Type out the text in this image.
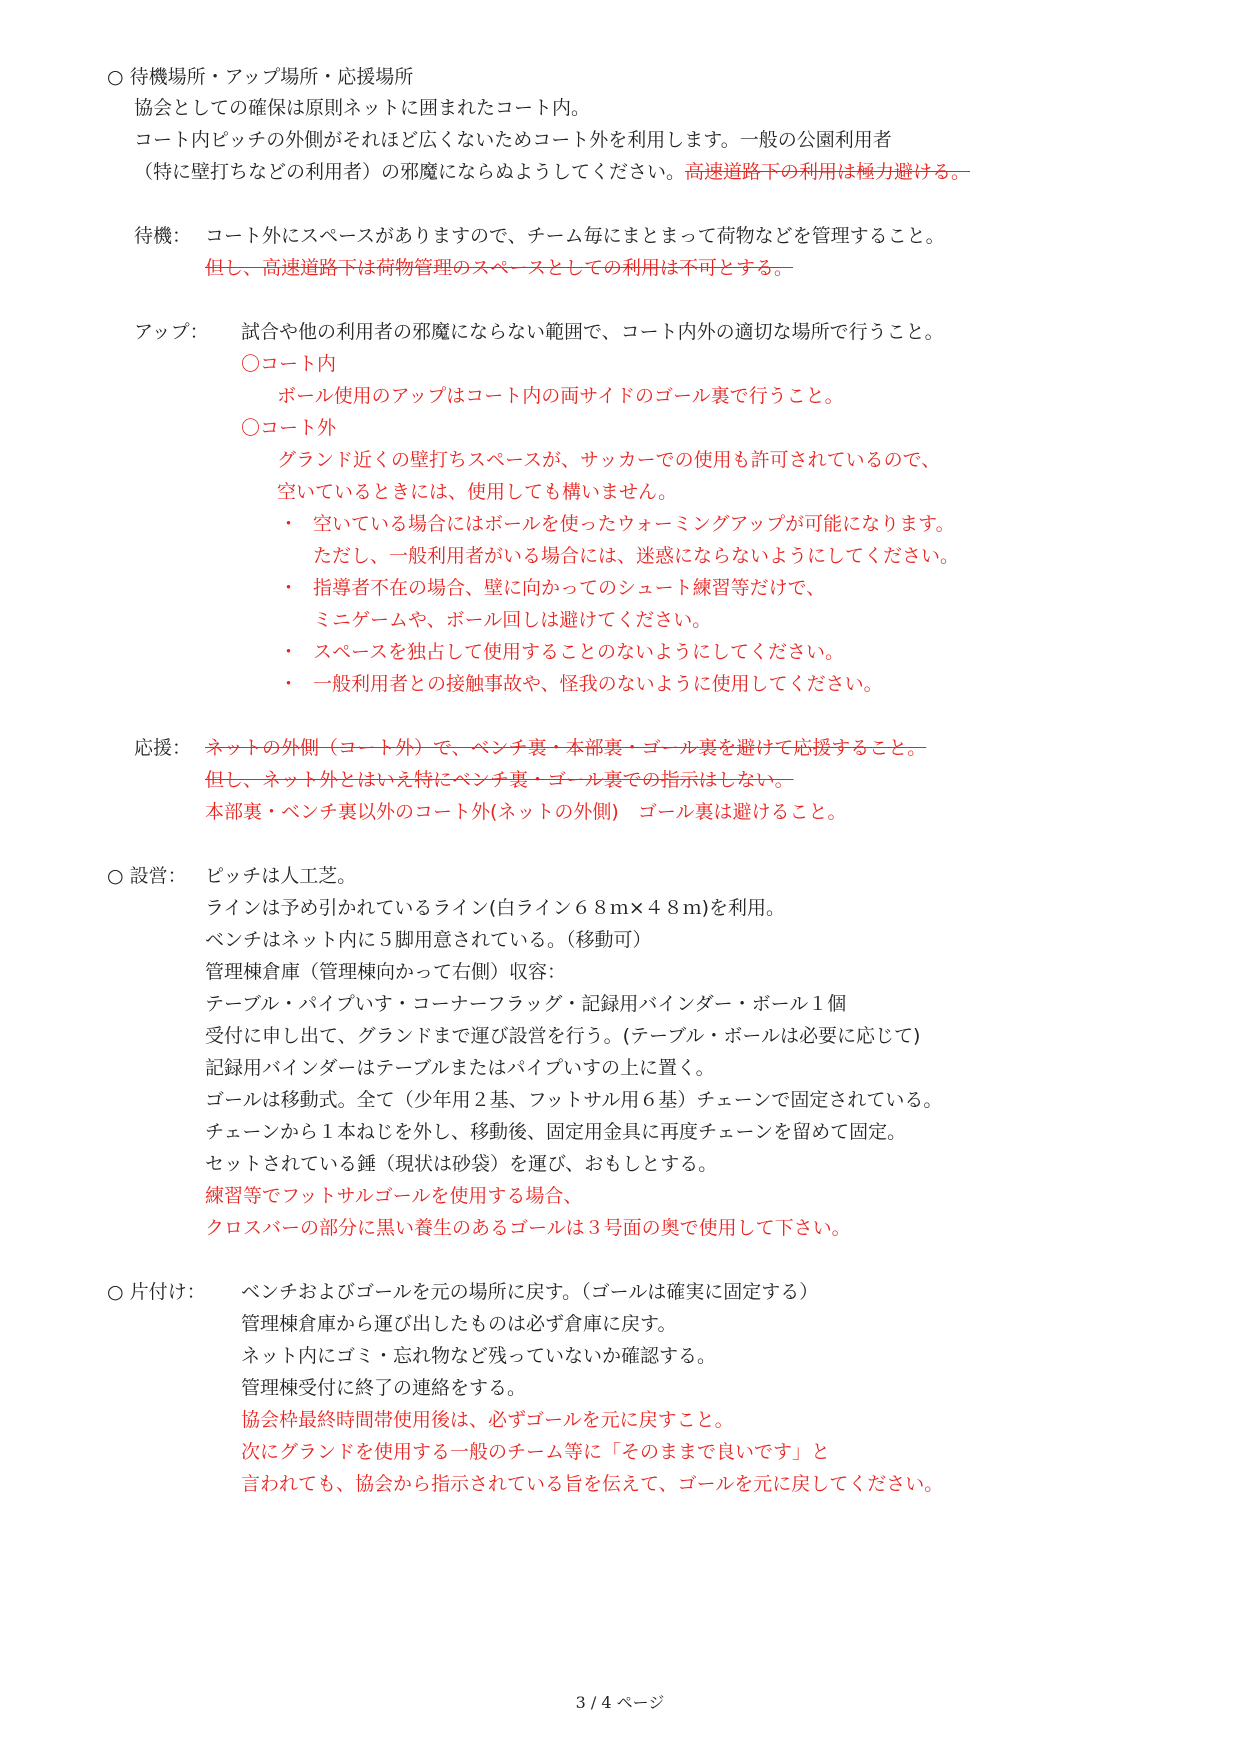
○ 待機場所・アップ場所・応援場所
協会としての確保は原則ネットに囲まれたコート内。
コート内ピッチの外側がそれほど広くないためコート外を利用します。一般の公園利用者
（特に壁打ちなどの利用者）の邪魔にならぬようしてください。高速道路下の利用は極力避ける。
待機： コート外にスペースがありますので、チーム毎にまとまって荷物などを管理すること。
但し、高速道路下は荷物管理のスペースとしての利用は不可とする。
アップ： 試合や他の利用者の邪魔にならない範囲で、コート内外の適切な場所で行うこと。
〇コート内
ボール使用のアップはコート内の両サイドのゴール裏で行うこと。
〇コート外
グランド近くの壁打ちスペースが、サッカーでの使用も許可されているので、
空いているときには、使用しても構いません。
・ 空いている場合にはボールを使ったウォーミングアップが可能になります。
ただし、一般利用者がいる場合には、迷惑にならないようにしてください。
・ 指導者不在の場合、壁に向かってのシュート練習等だけで、
ミニゲームや、ボール回しは避けてください。
・ スペースを独占して使用することのないようにしてください。
・ 一般利用者との接触事故や、怪我のないように使用してください。
応援： ネットの外側（コート外）で、ベンチ裏・本部裏・ゴール裏を避けて応援すること。
但し、ネット外とはいえ特にベンチ裏・ゴール裏での指示はしない。
本部裏・ベンチ裏以外のコート外(ネットの外側)　ゴール裏は避けること。
○ 設営： ピッチは人工芝。
ラインは予め引かれているライン(白ライン６８ｍ×４８ｍ)を利用。
ベンチはネット内に５脚用意されている。（移動可）
管理棟倉庫（管理棟向かって右側）収容：
テーブル・パイプいす・コーナーフラッグ・記録用バインダー・ボール１個
受付に申し出て、グランドまで運び設営を行う。(テーブル・ボールは必要に応じて)
記録用バインダーはテーブルまたはパイプいすの上に置く。
ゴールは移動式。全て（少年用２基、フットサル用６基）チェーンで固定されている。
チェーンから１本ねじを外し、移動後、固定用金具に再度チェーンを留めて固定。
セットされている錘（現状は砂袋）を運び、おもしとする。
練習等でフットサルゴールを使用する場合、
クロスバーの部分に黒い養生のあるゴールは３号面の奥で使用して下さい。
○ 片付け： ベンチおよびゴールを元の場所に戻す。（ゴールは確実に固定する）
管理棟倉庫から運び出したものは必ず倉庫に戻す。
ネット内にゴミ・忘れ物など残っていないか確認する。
管理棟受付に終了の連絡をする。
協会枠最終時間帯使用後は、必ずゴールを元に戻すこと。
次にグランドを使用する一般のチーム等に「そのままで良いです」と
言われても、協会から指示されている旨を伝えて、ゴールを元に戻してください。
3 / 4 ページ
